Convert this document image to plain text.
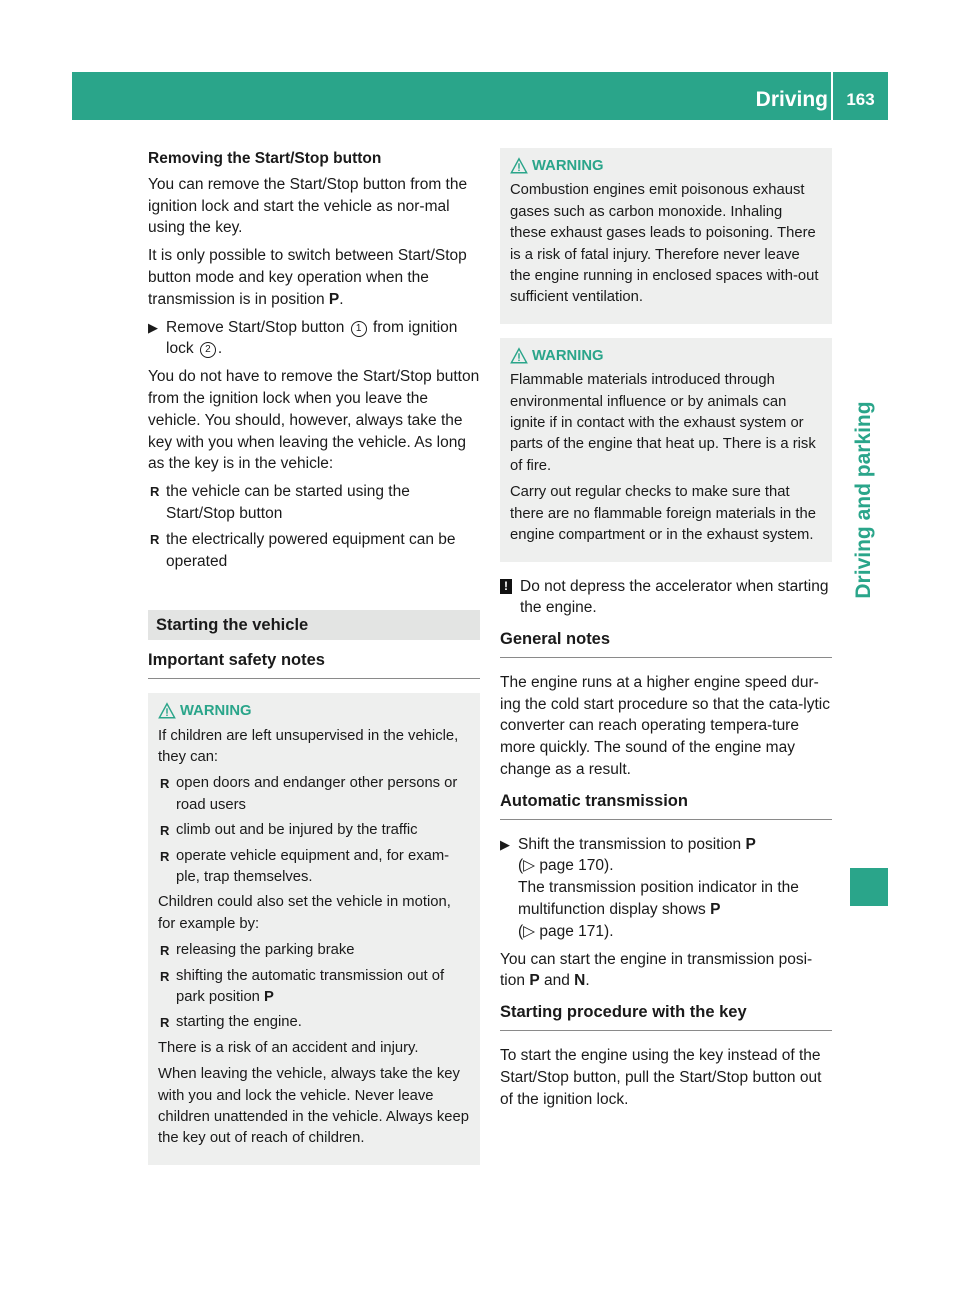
Driving	163
Driving and parking

Removing the Start/Stop button

You can remove the Start/Stop button from the ignition lock and start the vehicle as nor-mal using the key.

It is only possible to switch between Start/Stop button mode and key operation when the transmission is in position P.

▶ Remove Start/Stop button 1 from ignition lock 2 .

You do not have to remove the Start/Stop button from the ignition lock when you leave the vehicle. You should, however, always take the key with you when leaving the vehicle. As long as the key is in the vehicle:

R the vehicle can be started using the Start/Stop button
R the electrically powered equipment can be operated
Starting the vehicle
Important safety notes
WARNING

If children are left unsupervised in the vehicle, they can:

R open doors and endanger other persons or road users
R climb out and be injured by the traffic
R operate vehicle equipment and, for exam-ple, trap themselves.

Children could also set the vehicle in motion, for example by:

R releasing the parking brake
R shifting the automatic transmission out of park position P
R starting the engine.

There is a risk of an accident and injury.

When leaving the vehicle, always take the key with you and lock the vehicle. Never leave children unattended in the vehicle. Always keep the key out of reach of children.

WARNING

Combustion engines emit poisonous exhaust gases such as carbon monoxide. Inhaling these exhaust gases leads to poisoning. There is a risk of fatal injury. Therefore never leave the engine running in enclosed spaces with-out sufficient ventilation.

WARNING

Flammable materials introduced through environmental influence or by animals can ignite if in contact with the exhaust system or parts of the engine that heat up. There is a risk of fire.

Carry out regular checks to make sure that there are no flammable foreign materials in the engine compartment or in the exhaust system.

! Do not depress the accelerator when starting the engine.
General notes

The engine runs at a higher engine speed dur-ing the cold start procedure so that the cata-lytic converter can reach operating tempera-ture more quickly. The sound of the engine may change as a result.

Automatic transmission
▶ Shift the transmission to position P
(▷ page 170).
The transmission position indicator in the multifunction display shows P
(▷ page 171).

You can start the engine in transmission posi-tion P and N.

Starting procedure with the key

To start the engine using the key instead of the Start/Stop button, pull the Start/Stop button out of the ignition lock.
